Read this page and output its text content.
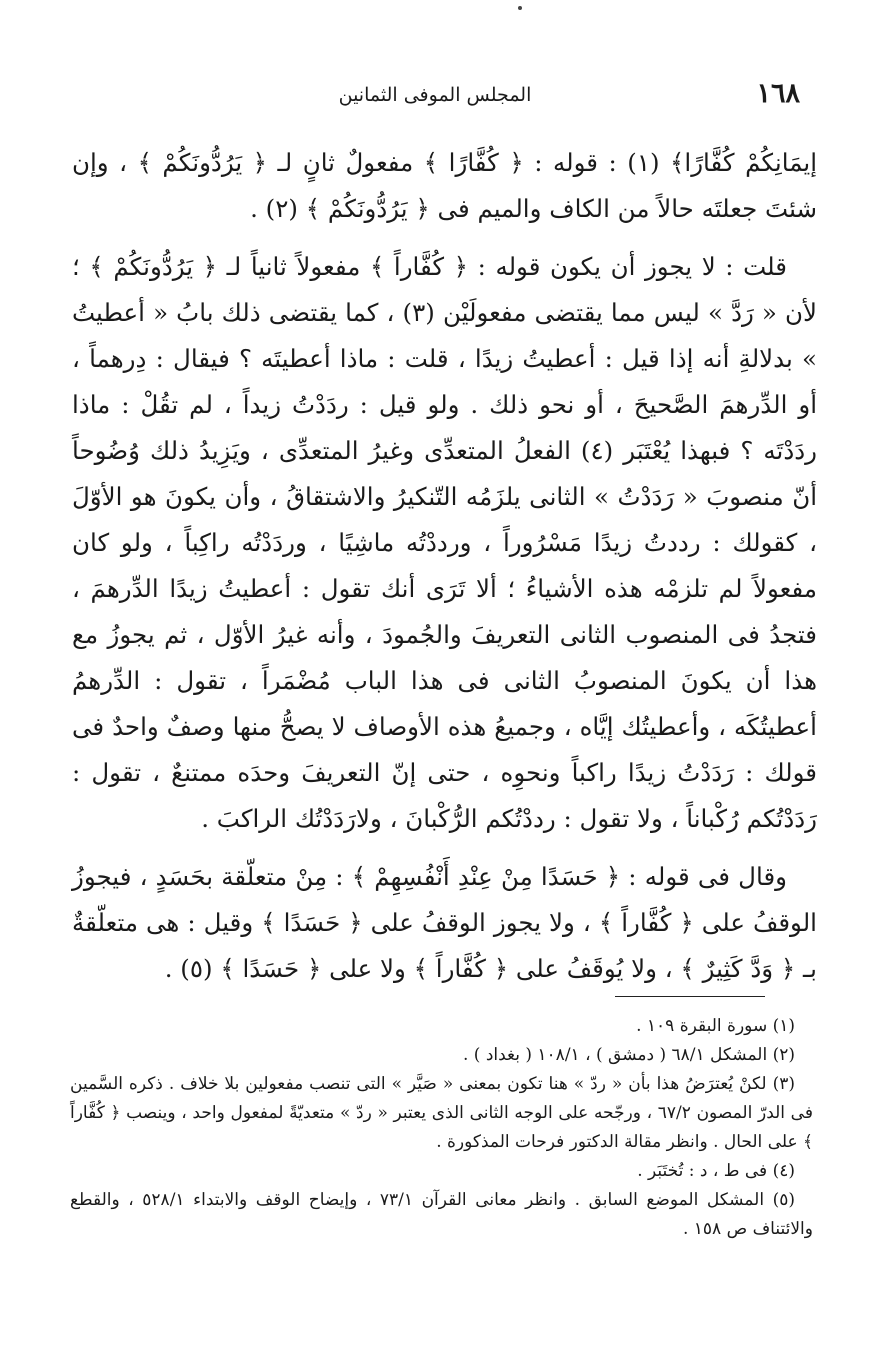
١٦٨
المجلس الموفى الثمانين

إيمَانِكُمْ كُفَّارًا﴾ (١) : قوله : ﴿ كُفَّارًا ﴾ مفعولٌ ثانٍ لـ ﴿ يَرُدُّونَكُمْ ﴾ ، وإن شئتَ جعلتَه حالاً من الكاف والميم فى ﴿ يَرُدُّونَكُمْ ﴾ (٢) .

قلت : لا يجوز أن يكون قوله : ﴿ كُفَّاراً ﴾ مفعولاً ثانياً لـ ﴿ يَرُدُّونَكُمْ ﴾ ؛ لأن « رَدَّ » ليس مما يقتضى مفعولَيْن (٣) ، كما يقتضى ذلك بابُ « أعطيتُ » بدلالةِ أنه إذا قيل : أعطيتُ زيدًا ، قلت : ماذا أعطيتَه ؟ فيقال : دِرهماً ، أو الدِّرهمَ الصَّحيحَ ، أو نحو ذلك . ولو قيل : ردَدْتُ زيداً ، لم تقُلْ : ماذا ردَدْتَه ؟ فبهذا يُعْتَبَر (٤) الفعلُ المتعدِّى وغيرُ المتعدِّى ، ويَزِيدُ ذلك وُضُوحاً أنّ منصوبَ « رَدَدْتُ » الثانى يلزَمُه التّنكيرُ والاشتقاقُ ، وأن يكونَ هو الأوّلَ ، كقولك : رددتُ زيدًا مَسْرُوراً ، ورددْتُه ماشِيًا ، وردَدْتُه راكِباً ، ولو كان مفعولاً لم تلزمْه هذه الأشياءُ ؛ ألا تَرَى أنك تقول : أعطيتُ زيدًا الدِّرهمَ ، فتجدُ فى المنصوب الثانى التعريفَ والجُمودَ ، وأنه غيرُ الأوّل ، ثم يجوزُ مع هذا أن يكونَ المنصوبُ الثانى فى هذا الباب مُضْمَراً ، تقول : الدِّرهمُ أعطيتُكَه ، وأعطيتُك إيَّاه ، وجميعُ هذه الأوصاف لا يصحُّ منها وصفٌ واحدٌ فى قولك : رَدَدْتُ زيدًا راكباً ونحوِه ، حتى إنّ التعريفَ وحدَه ممتنعٌ ، تقول : رَدَدْتُكم رُكْباناً ، ولا تقول : رددْتُكم الرُّكْبانَ ، ولارَدَدْتُك الراكبَ .

وقال فى قوله : ﴿ حَسَدًا مِنْ عِنْدِ أَنْفُسِهِمْ ﴾ : مِنْ متعلّقة بحَسَدٍ ، فيجوزُ الوقفُ على ﴿ كُفَّاراً ﴾ ، ولا يجوز الوقفُ على ﴿ حَسَدًا ﴾ وقيل : هى متعلّقةٌ بـ ﴿ وَدَّ كَثِيرٌ ﴾ ، ولا يُوقَفُ على ﴿ كُفَّاراً ﴾ ولا على ﴿ حَسَدًا ﴾ (٥) .

(١) سورة البقرة ١٠٩ .

(٢) المشكل ٦٨/١ ( دمشق ) ، ١٠٨/١ ( بغداد ) .

(٣) لكنْ يُعترَضُ هذا بأن « ردّ » هنا تكون بمعنى « صَيَّر » التى تنصب مفعولين بلا خلاف . ذكره السَّمين فى الدرّ المصون ٦٧/٢ ، ورجّحه على الوجه الثانى الذى يعتبر « ردّ » متعديّةً لمفعول واحد ، وينصب ﴿ كُفَّاراً ﴾ على الحال . وانظر مقالة الدكتور فرحات المذكورة .

(٤) فى ط ، د : تُختَبَر .

(٥) المشكل الموضع السابق . وانظر معانى القرآن ٧٣/١ ، وإيضاح الوقف والابتداء ٥٢٨/١ ، والقطع والائتناف ص ١٥٨ .
